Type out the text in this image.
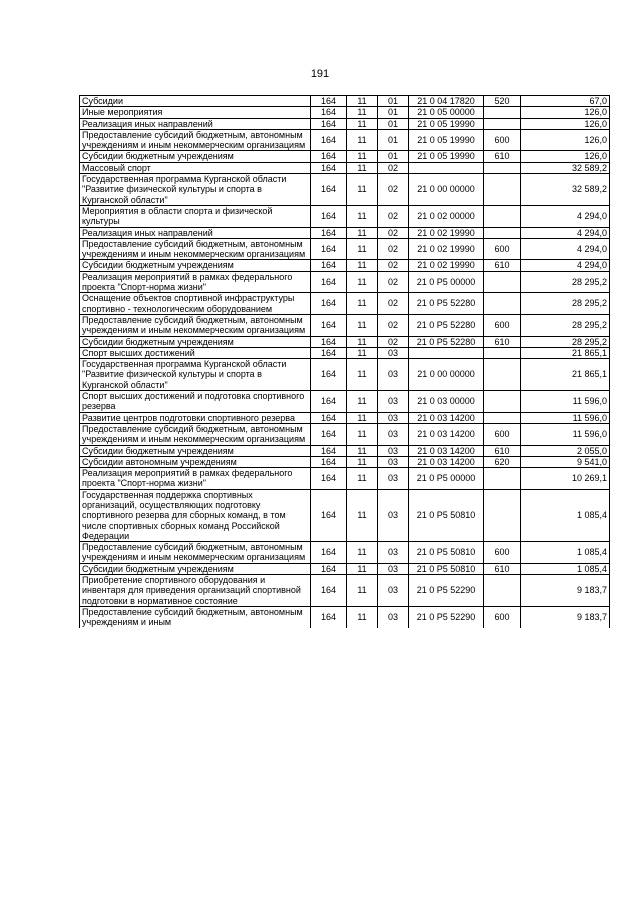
191
Субсидии	164	11	01	21 0 04 17820	520	67,0
Иные мероприятия	164	11	01	21 0 05 00000		126,0
Реализация иных направлений	164	11	01	21 0 05 19990		126,0
Предоставление субсидий бюджетным, автономным учреждениям и иным некоммерческим организациям	164	11	01	21 0 05 19990	600	126,0
Субсидии бюджетным учреждениям	164	11	01	21 0 05 19990	610	126,0
Массовый спорт	164	11	02			32 589,2
Государственная программа Курганской области "Развитие физической культуры и спорта в Курганской области"	164	11	02	21 0 00 00000		32 589,2
Мероприятия в области спорта и физической культуры	164	11	02	21 0 02 00000		4 294,0
Реализация иных направлений	164	11	02	21 0 02 19990		4 294,0
Предоставление субсидий бюджетным, автономным учреждениям и иным некоммерческим организациям	164	11	02	21 0 02 19990	600	4 294,0
Субсидии бюджетным учреждениям	164	11	02	21 0 02 19990	610	4 294,0
Реализация мероприятий в рамках федерального проекта "Спорт-норма жизни"	164	11	02	21 0 P5 00000		28 295,2
Оснащение объектов спортивной инфраструктуры спортивно - технологическим оборудованием	164	11	02	21 0 P5 52280		28 295,2
Предоставление субсидий бюджетным, автономным учреждениям и иным некоммерческим организациям	164	11	02	21 0 P5 52280	600	28 295,2
Субсидии бюджетным учреждениям	164	11	02	21 0 P5 52280	610	28 295,2
Спорт высших достижений	164	11	03			21 865,1
Государственная программа Курганской области "Развитие физической культуры и спорта в Курганской области"	164	11	03	21 0 00 00000		21 865,1
Спорт высших достижений и подготовка спортивного резерва	164	11	03	21 0 03 00000		11 596,0
Развитие центров подготовки спортивного резерва	164	11	03	21 0 03 14200		11 596,0
Предоставление субсидий бюджетным, автономным учреждениям и иным некоммерческим организациям	164	11	03	21 0 03 14200	600	11 596,0
Субсидии бюджетным учреждениям	164	11	03	21 0 03 14200	610	2 055,0
Субсидии автономным учреждениям	164	11	03	21 0 03 14200	620	9 541,0
Реализация мероприятий в рамках федерального проекта "Спорт-норма жизни"	164	11	03	21 0 P5 00000		10 269,1
Государственная поддержка спортивных организаций, осуществляющих подготовку спортивного резерва для сборных команд, в том числе спортивных сборных команд Российской Федерации	164	11	03	21 0 P5 50810		1 085,4
Предоставление субсидий бюджетным, автономным учреждениям и иным некоммерческим организациям	164	11	03	21 0 P5 50810	600	1 085,4
Субсидии бюджетным учреждениям	164	11	03	21 0 P5 50810	610	1 085,4
Приобретение спортивного оборудования и инвентаря для приведения организаций спортивной подготовки в нормативное состояние	164	11	03	21 0 P5 52290		9 183,7
Предоставление субсидий бюджетным, автономным учреждениям и иным	164	11	03	21 0 P5 52290	600	9 183,7
